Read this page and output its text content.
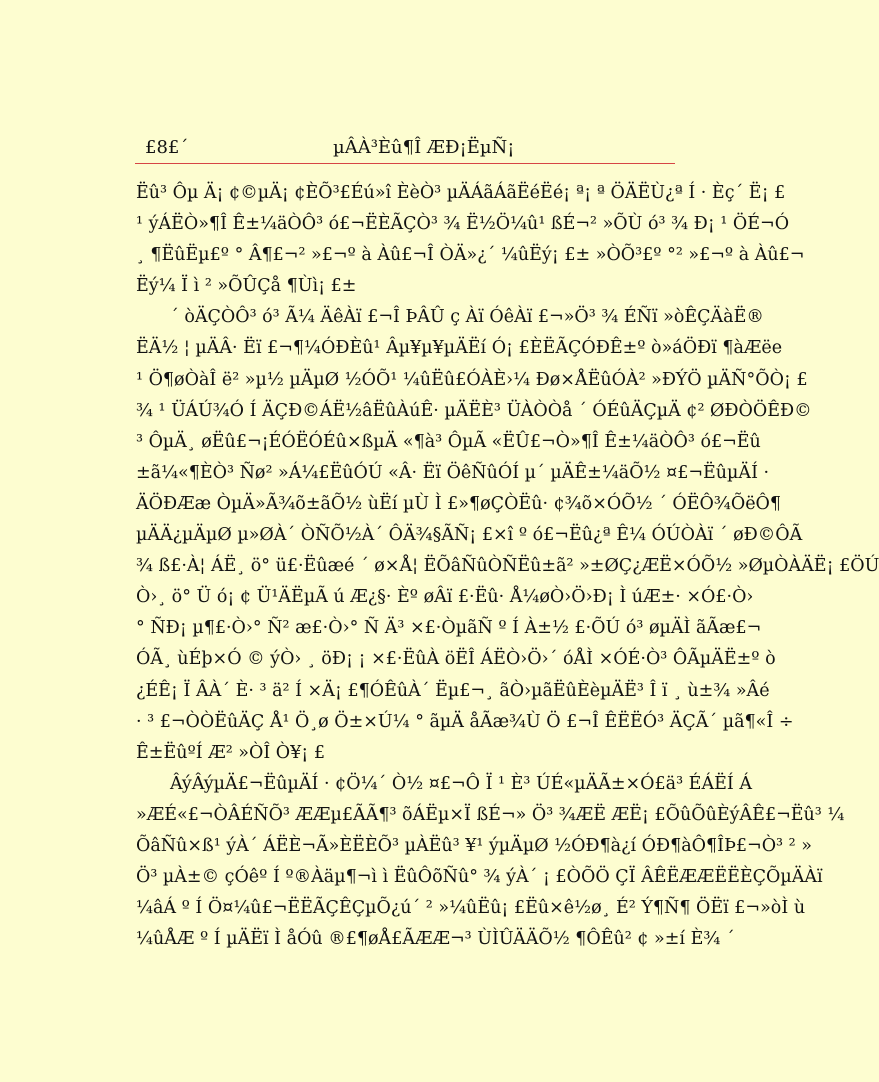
£8£´	µÂÀ³Èû¶Î ÆÐ¡ËµÑ¡
Ëû³ Ôµ Ä¡ ¢©µÄ¡ ¢ÈÕ³£Éú»î ÈèÒ³ µÄÁãÁãËéËé¡ ª¡ ª ÖÄËÙ¿ª Í · Èç´ Ë¡ £
¹ ýÁËÒ»¶Î Ê±¼äÒÔ³ ó£¬ËÈÃÇÒ³ ¾ Ë½Ö¼û¹ ßÉ¬² »ÕÙ ó³ ¾ Ð¡ ¹ ÖÉ¬Ó
¸ ¶ËûËµ£º ° Â¶£¬² »£¬º à Àû£¬Î ÒÄ»¿´ ¼ûËý¡ £± »ÒÕ³£º °² »£¬º à Àû£¬
Ëý¼ Ï ì ² »ÕÛÇå ¶Ùì¡ £±
´ òÄÇÒÔ³ ó³ Ã¼ ÄêÀï £¬Î ÞÂÛ ç Àï ÓêÀï £¬»Ö³ ¾ ÉÑï »òÊÇÄàË®
ËÄ½ ¦ µÄÂ· Ëï £¬¶¼ÓÐÈû¹ Âµ¥µ¥µÄËí Ó¡ £ÈËÃÇÓÐÊ±º ò»áÖÐï ¶àÆëe
¹ Ö¶øÒàÎ ë² »µ½ µÄµØ ½ÓÕ¹ ¼ûËû£ÓÀÈ›¼ Ðø×ÅËûÓÀ² »ÐÝÖ µÄÑ°ÕÒ¡ £
¾ ¹ ÜÁÚ¾Ó Í ÄÇÐ©ÁË½âËûÀúÊ· µÄËÈ³ ÜÀÒÒå ´ ÓÉûÄÇµÄ ¢² ØÐÒÖÊÐ©
³ ÔµÄ¸ øËû£¬¡ÉÓËÓÉû×ßµÄ «¶à³ ÔµÃ «ËÛ£¬Ò»¶Î Ê±¼äÒÔ³ ó£¬Ëû
±ã¼«¶ÈÒ³ Ñø² »Á¼£ËûÓÚ «Â· Ëï ÖêÑûÓÍ µ´ µÄÊ±¼äÕ½ ¤£¬ËûµÄÍ ·
ÄÖÐÆæ ÒµÄ»Ã¾õ±ãÕ½ ùËí µÙ Ì £»¶øÇÒËû· ¢¾õ×ÓÕ½ ´ ÓËÔ¾ÕëÔ¶
µÄÄ¿µÄµØ µ»ØÀ´ ÒÑÕ½À´ ÔÄ¾§ÃÑ¡ £×î º ó£¬Ëû¿ª Ê¼ ÓÚÒÀï ´ øÐ©ÔÃ
¾ ß£·À¦ ÁË¸ ö° ü£·Ëûæé ´ ø×Å¦ ËÕâÑûÒÑËû±ã² »±ØÇ¿ÆË×ÓÕ½ »ØµÒÀÄË¡ £ÖÚ
Ò›¸ ö° Ü ó¡ ¢ Ü¹ÄËµÃ ú Æ¿§· Èº øÂï £·Ëû· Å¼øÒ›Ö›Ð¡ Ì úÆ±· ×Ó£·Ò›
° ÑÐ¡ µ¶£·Ò›° Ñ² æ£·Ò›° Ñ Ä³ ×£·ÒµãÑ º Í À±½ £·ÕÚ ó³ øµÄÌ ãÃæ£¬
ÓÃ¸ ùÉþ×Ó © ýÒ› ¸ öÐ¡ ¡ ×£·ËûÀ öËÎ ÁËÒ›Ö›´ óÅÌ ×ÓÉ·Ò³ ÔÃµÄË±º ò
¿ÉÊ¡ Ï ÂÀ´ È· ³ ä² Í ×Ä¡ £¶ÓÊûÀ´ Ëµ£¬¸ ãÒ›µãËûÈèµÄË³ Î ï ¸ ù±¾ »Âé
· ³ £¬ÒÒËûÄÇ Å¹ Ö¸ø Ö±×Ú¼ ° ãµÄ åÃæ¾Ù Ö £¬Î ÊËËÓ³ ÄÇÃ´ µã¶«Î ÷
Ê±ËûºÍ Æ² »ÒÎ Ò¥¡ £
ÂýÂýµÄ£¬ËûµÄÍ · ¢Ö¼´ Ò½ ¤£¬Ô Ï ¹ È³ ÚÉ«µÄÃ±×Ó£ä³ ÉÁËÍ Á
»ÆÉ«£¬ÒÂÉÑÕ³ ÆÆµ£ÃÃ¶³ õÁËµ×Ï ßÉ¬» Ö³ ¾ÆË ÆË¡ £ÕûÕûÈýÂÊ£¬Ëû³ ¼
ÕâÑû×ß¹ ýÀ´ ÁËÈ¬Ã»ÈËÈÕ³ µÀËû³ ¥¹ ýµÄµØ ½ÓÐ¶à¿í ÓÐ¶àÔ¶ÎÞ£¬Ò³ ² »
Ö³ µÀ±© çÓêº Í º®Àäµ¶¬ì ì ËûÔõÑû° ¾ ýÀ´ ¡ £ÒÕÖ ÇÏ ÂÊËÆÆËËÈÇÕµÄÀï
¼âÁ º Í Ö¤¼û£¬ËËÃÇÊÇµÕ¿ú´ ² »¼ûËû¡ £Ëû×ê½ø¸ É² Ý¶Ñ¶ ÖËï £¬»òÌ ù
¼ûÅÆ º Í µÄËï Ì åÓû ®£¶øÅ£ÃÆÆ¬³ ÙÌÛÄÄÕ½ ¶ÔÊû² ¢ »±í È¾ ´
